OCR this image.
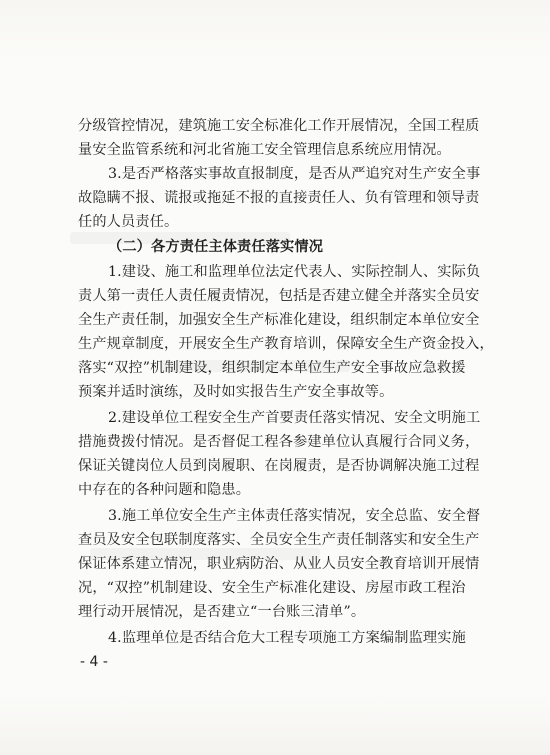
分级管控情况，建筑施工安全标准化工作开展情况，全国工程质
量安全监管系统和河北省施工安全管理信息系统应用情况。
3.是否严格落实事故直报制度，是否从严追究对生产安全事
故隐瞒不报、谎报或拖延不报的直接责任人、负有管理和领导责
任的人员责任。
（二）各方责任主体责任落实情况
1.建设、施工和监理单位法定代表人、实际控制人、实际负
责人第一责任人责任履责情况，包括是否建立健全并落实全员安
全生产责任制，加强安全生产标准化建设，组织制定本单位安全
生产规章制度，开展安全生产教育培训，保障安全生产资金投入，
落实“双控”机制建设，组织制定本单位生产安全事故应急救援
预案并适时演练，及时如实报告生产安全事故等。
2.建设单位工程安全生产首要责任落实情况、安全文明施工
措施费拨付情况。是否督促工程各参建单位认真履行合同义务，
保证关键岗位人员到岗履职、在岗履责，是否协调解决施工过程
中存在的各种问题和隐患。
3.施工单位安全生产主体责任落实情况，安全总监、安全督
查员及安全包联制度落实、全员安全生产责任制落实和安全生产
保证体系建立情况，职业病防治、从业人员安全教育培训开展情
况，“双控”机制建设、安全生产标准化建设、房屋市政工程治
理行动开展情况，是否建立“一台账三清单”。
4.监理单位是否结合危大工程专项施工方案编制监理实施
- 4 -
